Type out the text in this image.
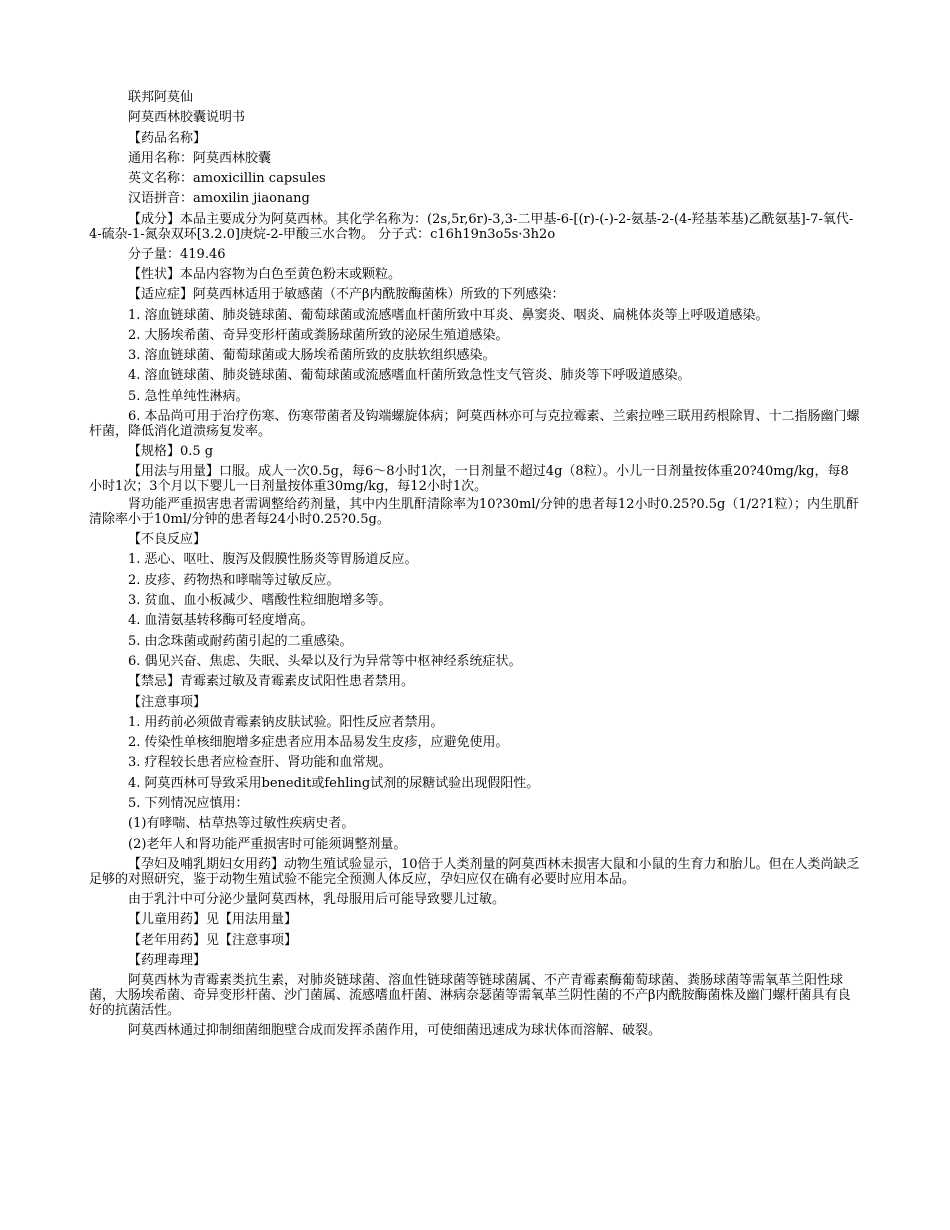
联邦阿莫仙

阿莫西林胶囊说明书

【药品名称】

通用名称：阿莫西林胶囊

英文名称：amoxicillin capsules

汉语拼音：amoxilin jiaonang

【成分】本品主要成分为阿莫西林。其化学名称为：(2s,5r,6r)-3,3-二甲基-6-[(r)-(-)-2-氨基-2-(4-羟基苯基)乙酰氨基]-7-氧代-4-硫杂-1-氮杂双环[3.2.0]庚烷-2-甲酸三水合物。 分子式：c16h19n3o5s·3h2o

分子量：419.46

【性状】本品内容物为白色至黄色粉末或颗粒。

【适应症】阿莫西林适用于敏感菌（不产β内酰胺酶菌株）所致的下列感染：

1. 溶血链球菌、肺炎链球菌、葡萄球菌或流感嗜血杆菌所致中耳炎、鼻窦炎、咽炎、扁桃体炎等上呼吸道感染。

2. 大肠埃希菌、奇异变形杆菌或粪肠球菌所致的泌尿生殖道感染。

3. 溶血链球菌、葡萄球菌或大肠埃希菌所致的皮肤软组织感染。

4. 溶血链球菌、肺炎链球菌、葡萄球菌或流感嗜血杆菌所致急性支气管炎、肺炎等下呼吸道感染。

5. 急性单纯性淋病。

6. 本品尚可用于治疗伤寒、伤寒带菌者及钩端螺旋体病；阿莫西林亦可与克拉霉素、兰索拉唑三联用药根除胃、十二指肠幽门螺杆菌，降低消化道溃疡复发率。

【规格】0.5 g

【用法与用量】口服。成人一次0.5g，每6～8小时1次，一日剂量不超过4g（8粒）。小儿一日剂量按体重20?40mg/kg，每8小时1次；3个月以下婴儿一日剂量按体重30mg/kg，每12小时1次。

肾功能严重损害患者需调整给药剂量，其中内生肌酐清除率为10?30ml/分钟的患者每12小时0.25?0.5g（1/2?1粒）；内生肌酐清除率小于10ml/分钟的患者每24小时0.25?0.5g。

【不良反应】

1. 恶心、呕吐、腹泻及假膜性肠炎等胃肠道反应。

2. 皮疹、药物热和哮喘等过敏反应。

3. 贫血、血小板减少、嗜酸性粒细胞增多等。

4. 血清氨基转移酶可轻度增高。

5. 由念珠菌或耐药菌引起的二重感染。

6. 偶见兴奋、焦虑、失眠、头晕以及行为异常等中枢神经系统症状。

【禁忌】青霉素过敏及青霉素皮试阳性患者禁用。

【注意事项】

1. 用药前必须做青霉素钠皮肤试验。阳性反应者禁用。

2. 传染性单核细胞增多症患者应用本品易发生皮疹，应避免使用。

3. 疗程较长患者应检查肝、肾功能和血常规。

4. 阿莫西林可导致采用benedit或fehling试剂的尿糖试验出现假阳性。

5. 下列情况应慎用：

(1)有哮喘、枯草热等过敏性疾病史者。

(2)老年人和肾功能严重损害时可能须调整剂量。

【孕妇及哺乳期妇女用药】动物生殖试验显示，10倍于人类剂量的阿莫西林未损害大鼠和小鼠的生育力和胎儿。但在人类尚缺乏足够的对照研究，鉴于动物生殖试验不能完全预测人体反应，孕妇应仅在确有必要时应用本品。

由于乳汁中可分泌少量阿莫西林，乳母服用后可能导致婴儿过敏。

【儿童用药】见【用法用量】

【老年用药】见【注意事项】

【药理毒理】

阿莫西林为青霉素类抗生素，对肺炎链球菌、溶血性链球菌等链球菌属、不产青霉素酶葡萄球菌、粪肠球菌等需氧革兰阳性球菌，大肠埃希菌、奇异变形杆菌、沙门菌属、流感嗜血杆菌、淋病奈瑟菌等需氧革兰阴性菌的不产β内酰胺酶菌株及幽门螺杆菌具有良好的抗菌活性。

阿莫西林通过抑制细菌细胞壁合成而发挥杀菌作用，可使细菌迅速成为球状体而溶解、破裂。
